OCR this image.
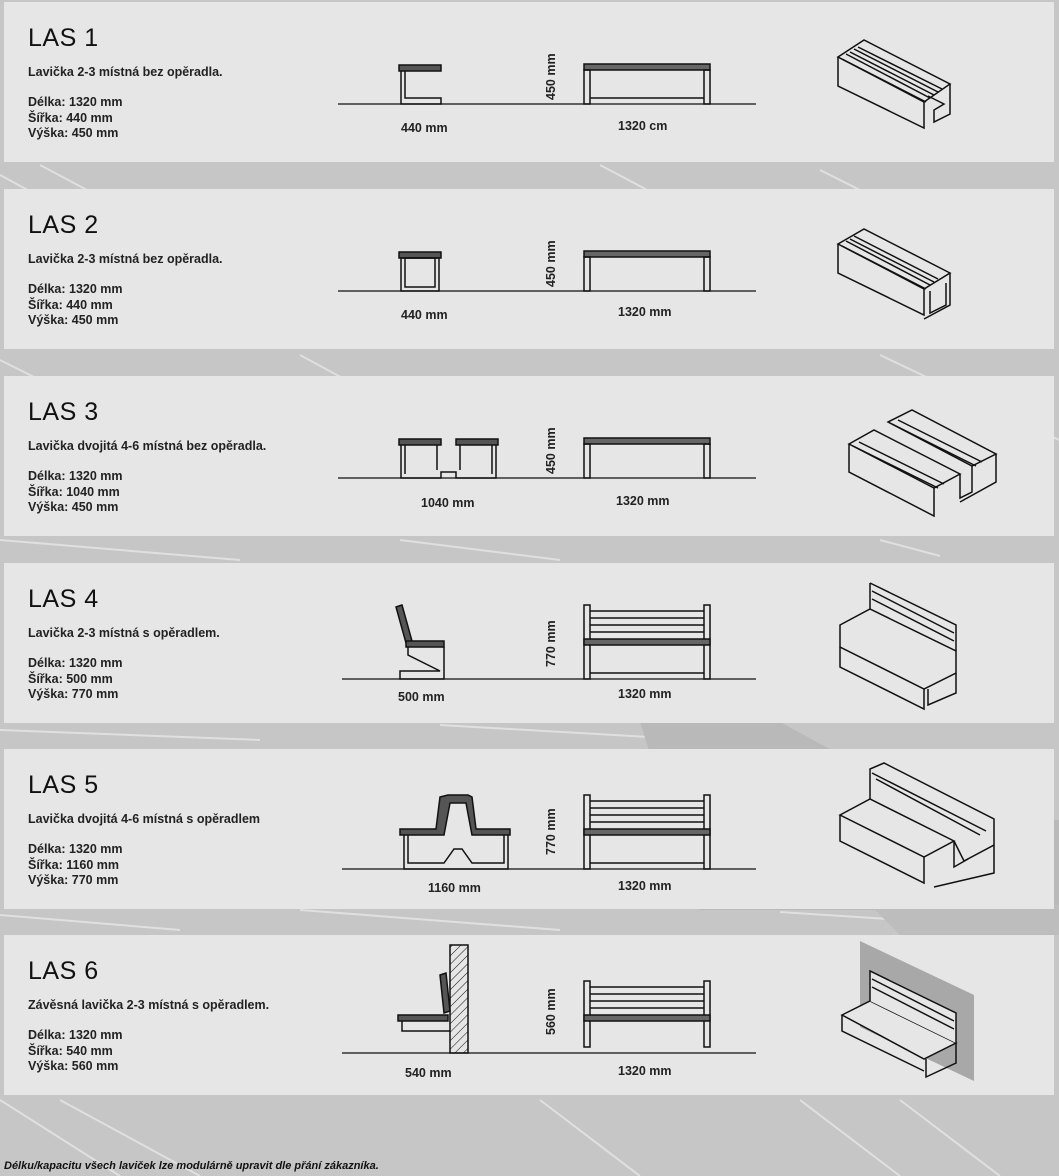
LAS 1
Lavička 2-3 místná bez opěradla.
Délka: 1320 mm
Šířka: 440 mm
Výška: 450 mm	440 mm
450 mm
1320 cm
LAS 2
Lavička 2-3 místná bez opěradla.
Délka: 1320 mm
Šířka: 440 mm
Výška: 450 mm	440 mm
450 mm
1320 mm
LAS 3
Lavička dvojitá 4-6 místná bez opěradla.
Délka: 1320 mm
Šířka: 1040 mm
Výška: 450 mm	1040 mm
450 mm
1320 mm
LAS 4
Lavička 2-3 místná s opěradlem.
Délka: 1320 mm
Šířka: 500 mm
Výška: 770 mm	500 mm
770 mm
1320 mm
LAS 5
Lavička dvojitá 4-6 místná s opěradlem
Délka: 1320 mm
Šířka: 1160 mm
Výška: 770 mm
1160 mm
770 mm
1320 mm
LAS 6
Závěsná lavička 2-3 místná s opěradlem.
Délka: 1320 mm
Šířka: 540 mm
Výška: 560 mm	540 mm
560 mm
1320 mm
Délku/kapacitu všech laviček lze modulárně upravit dle přání zákazníka.
